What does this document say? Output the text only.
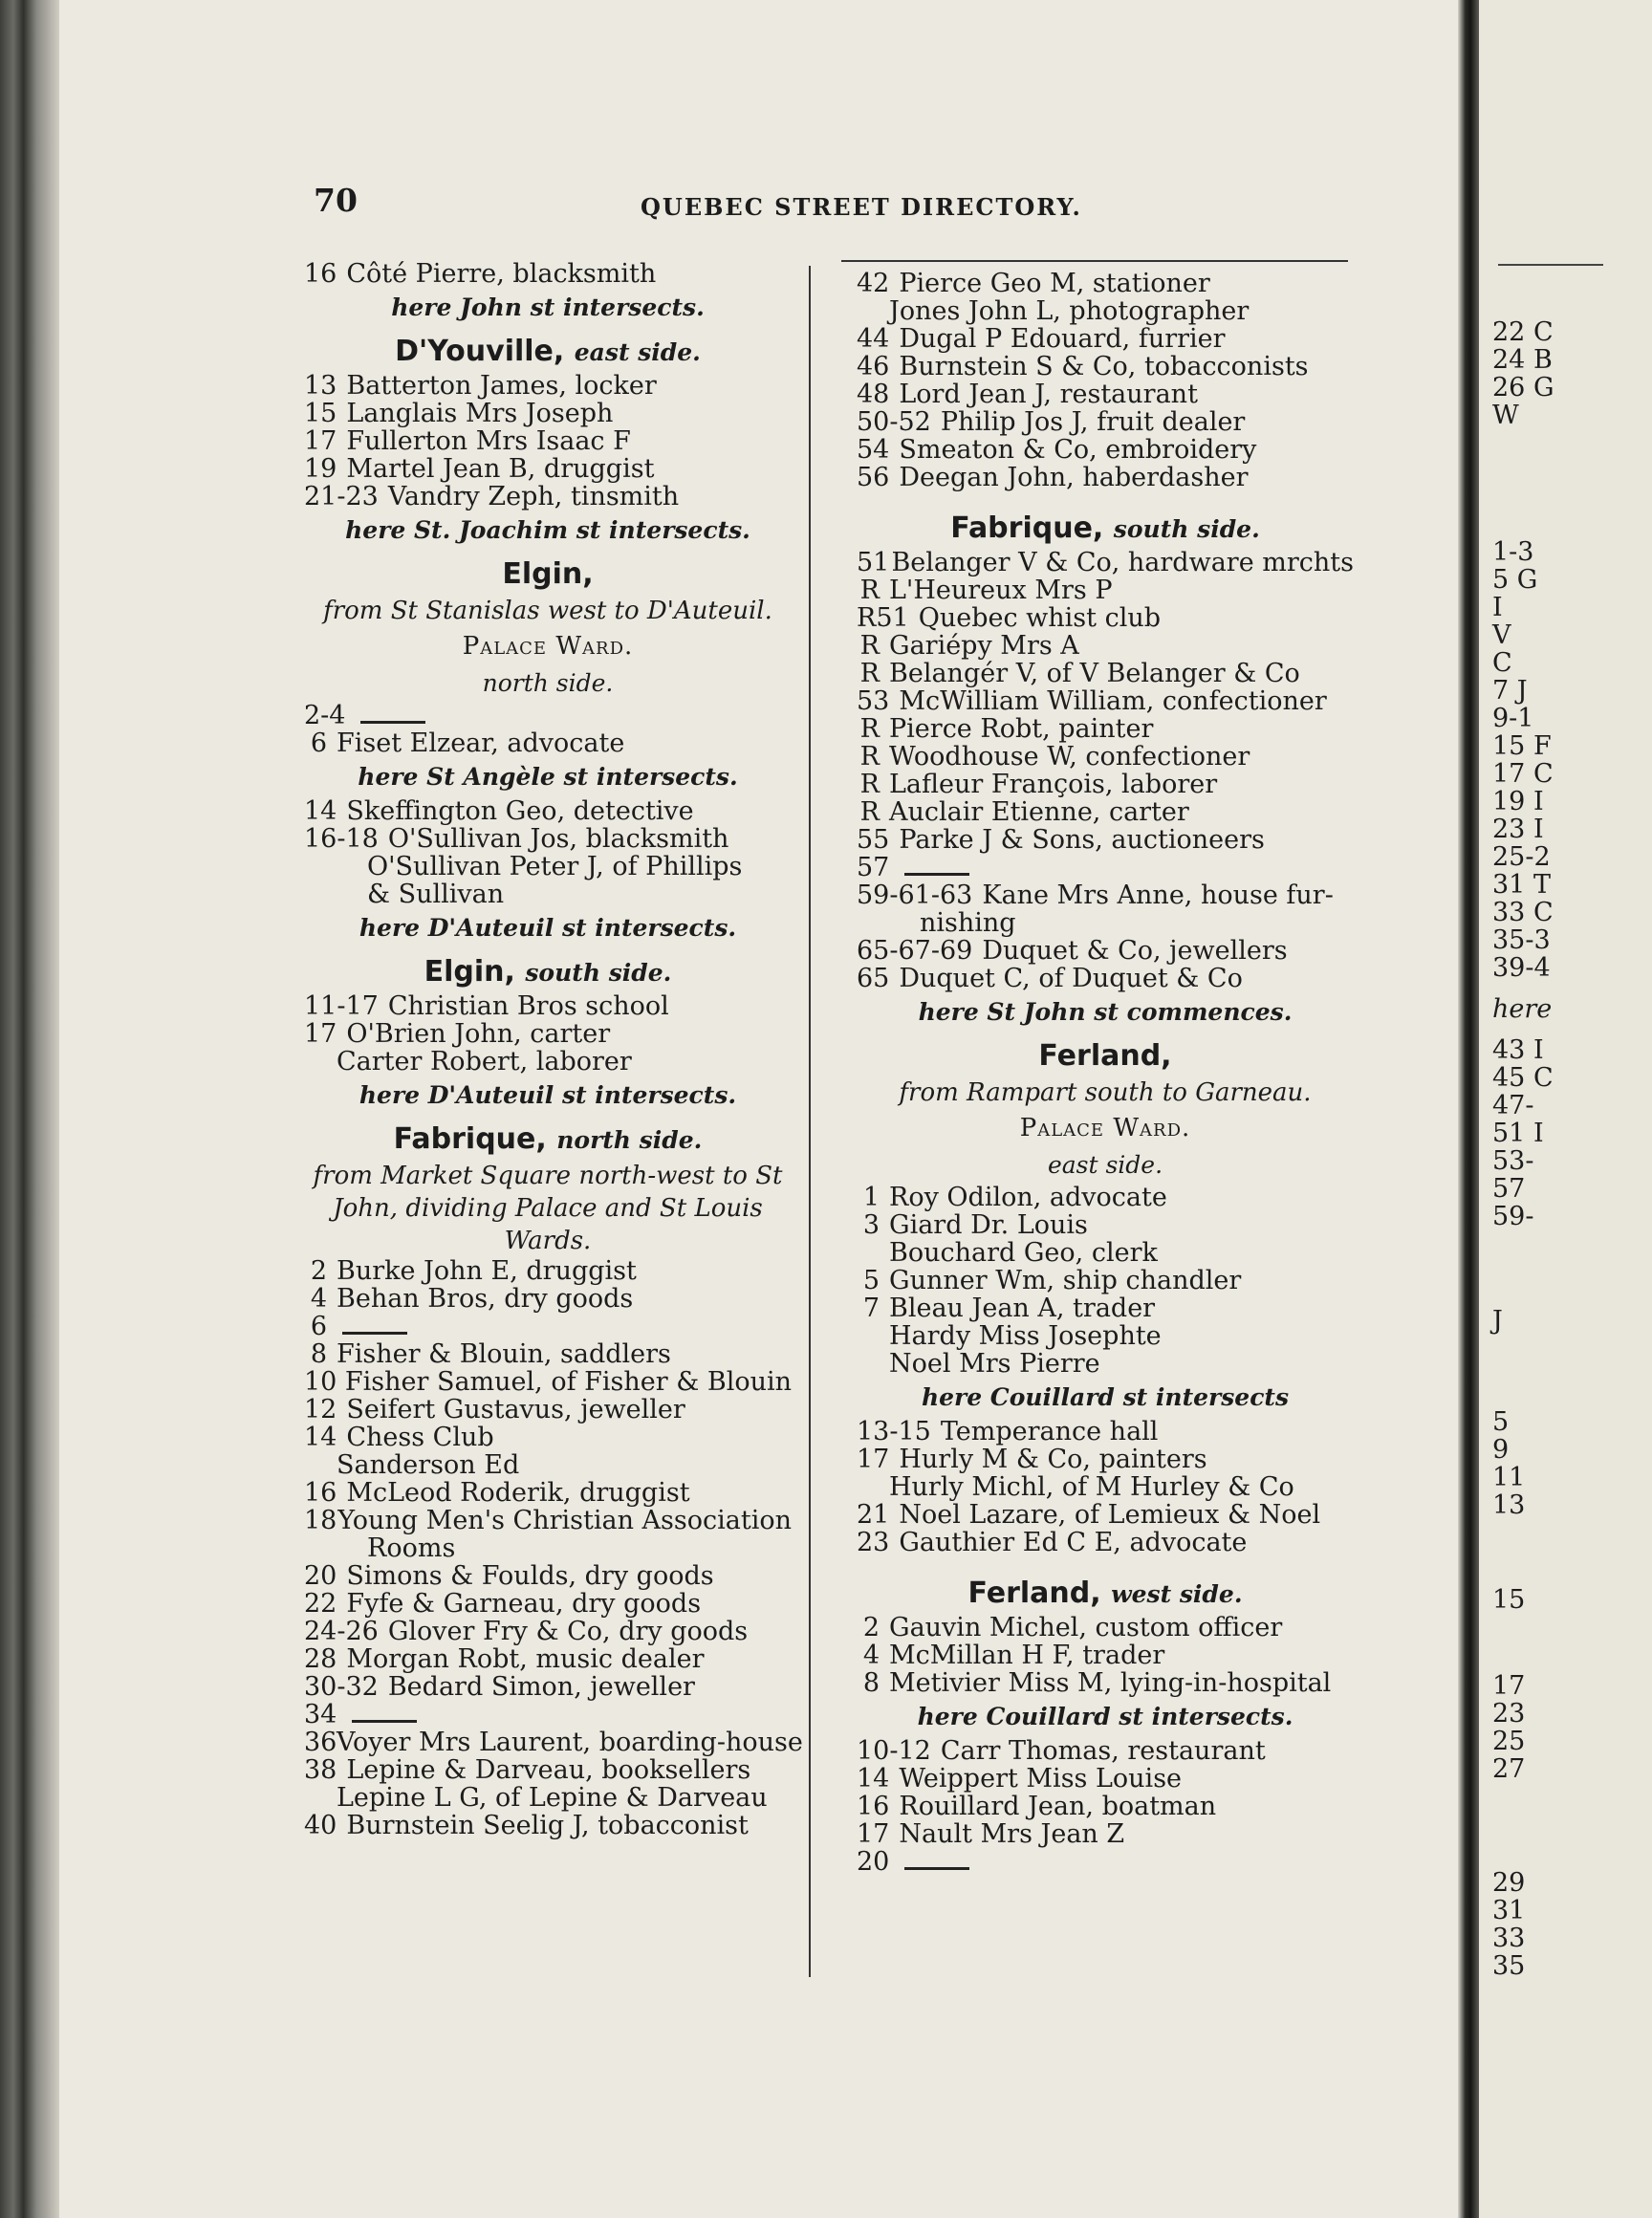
22 C
24 B
26 G
W
1-3
5 G
I
V
C
7 J
9-1
15 F
17 C
19 I
23 I
25-2
31 T
33 C
35-3
39-4
here
43 I
45 C
47-
51 I
53-
57
59-
J
5
9
11
13
15
17
23
25
27
29
31
33
35
70	QUEBEC STREET DIRECTORY.
16 Côté Pierre, blacksmith
here John st intersects.
D'Youville, east side.
13 Batterton James, locker
15 Langlais Mrs Joseph
17 Fullerton Mrs Isaac F
19 Martel Jean B, druggist
21-23 Vandry Zeph, tinsmith
here St. Joachim st intersects.
Elgin,
from St Stanislas west to D'Auteuil.
Palace Ward.
north side.
2-4
6 Fiset Elzear, advocate
here St Angèle st intersects.
14 Skeffington Geo, detective
16-18 O'Sullivan Jos, blacksmith
O'Sullivan Peter J, of Phillips
& Sullivan
here D'Auteuil st intersects.
Elgin, south side.
11-17 Christian Bros school
17 O'Brien John, carter
Carter Robert, laborer
here D'Auteuil st intersects.
Fabrique, north side.
from Market Square north-west to St John, dividing Palace and St Louis Wards.
2 Burke John E, druggist
4 Behan Bros, dry goods
6
8 Fisher & Blouin, saddlers
10 Fisher Samuel, of Fisher & Blouin
12 Seifert Gustavus, jeweller
14 Chess Club
Sanderson Ed
16 McLeod Roderik, druggist
18 Young Men's Christian Association
Rooms
20 Simons & Foulds, dry goods
22 Fyfe & Garneau, dry goods
24-26 Glover Fry & Co, dry goods
28 Morgan Robt, music dealer
30-32 Bedard Simon, jeweller
34
36 Voyer Mrs Laurent, boarding-house
38 Lepine & Darveau, booksellers
Lepine L G, of Lepine & Darveau
40 Burnstein Seelig J, tobacconist
42 Pierce Geo M, stationer
Jones John L, photographer
44 Dugal P Edouard, furrier
46 Burnstein S & Co, tobacconists
48 Lord Jean J, restaurant
50-52 Philip Jos J, fruit dealer
54 Smeaton & Co, embroidery
56 Deegan John, haberdasher
Fabrique, south side.
51 Belanger V & Co, hardware mrchts
R L'Heureux Mrs P
R51 Quebec whist club
R Gariépy Mrs A
R Belangér V, of V Belanger & Co
53 McWilliam William, confectioner
R Pierce Robt, painter
R Woodhouse W, confectioner
R Lafleur François, laborer
R Auclair Etienne, carter
55 Parke J & Sons, auctioneers
57
59-61-63 Kane Mrs Anne, house fur-
nishing
65-67-69 Duquet & Co, jewellers
65 Duquet C, of Duquet & Co
here St John st commences.
Ferland,
from Rampart south to Garneau.
Palace Ward.
east side.
1 Roy Odilon, advocate
3 Giard Dr. Louis
Bouchard Geo, clerk
5 Gunner Wm, ship chandler
7 Bleau Jean A, trader
Hardy Miss Josephte
Noel Mrs Pierre
here Couillard st intersects
13-15 Temperance hall
17 Hurly M & Co, painters
Hurly Michl, of M Hurley & Co
21 Noel Lazare, of Lemieux & Noel
23 Gauthier Ed C E, advocate
Ferland, west side.
2 Gauvin Michel, custom officer
4 McMillan H F, trader
8 Metivier Miss M, lying-in-hospital
here Couillard st intersects.
10-12 Carr Thomas, restaurant
14 Weippert Miss Louise
16 Rouillard Jean, boatman
17 Nault Mrs Jean Z
20
